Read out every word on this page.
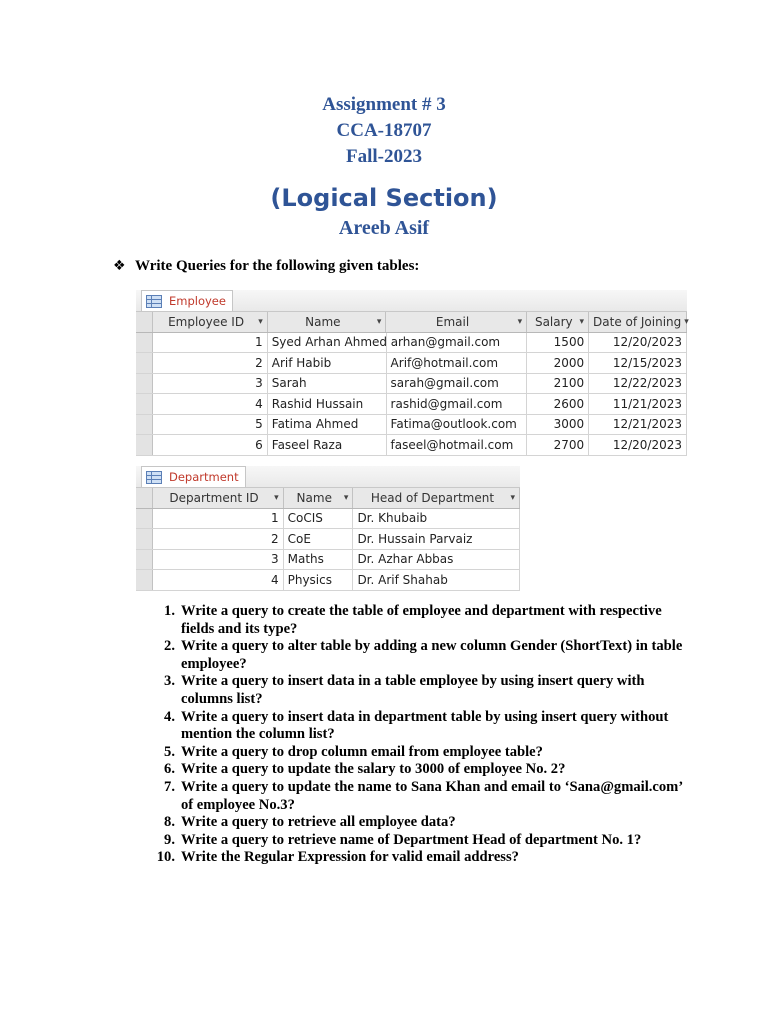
Assignment # 3
CCA-18707
Fall-2023
(Logical Section)
Areeb Asif
❖ Write Queries for the following given tables:
Employee
Employee ID	▾	Name	▾	Email	▾	Salary ▾ Date of Joining ▾
1 Syed Arhan Ahmed arhan@gmail.com	1500	12/20/2023
2 Arif Habib	Arif@hotmail.com	2000	12/15/2023
3 Sarah	sarah@gmail.com	2100	12/22/2023
4 Rashid Hussain	rashid@gmail.com	2600	11/21/2023
5 Fatima Ahmed	Fatima@outlook.com	3000	12/21/2023
6 Faseel Raza	faseel@hotmail.com	2700	12/20/2023
Department
Department ID	▾	Name	▾	Head of Department	▾
1 CoCIS	Dr. Khubaib
2 CoE	Dr. Hussain Parvaiz
3 Maths	Dr. Azhar Abbas
4 Physics	Dr. Arif Shahab
1. Write a query to create the table of employee and department with respective fields and its type?
2. Write a query to alter table by adding a new column Gender (ShortText) in table employee?
3. Write a query to insert data in a table employee by using insert query with columns list?
4. Write a query to insert data in department table by using insert query without mention the column list?
5. Write a query to drop column email from employee table?
6. Write a query to update the salary to 3000 of employee No. 2?
7. Write a query to update the name to Sana Khan and email to ‘Sana@gmail.com’ of employee No.3?
8. Write a query to retrieve all employee data?
9. Write a query to retrieve name of Department Head of department No. 1?
10. Write the Regular Expression for valid email address?
